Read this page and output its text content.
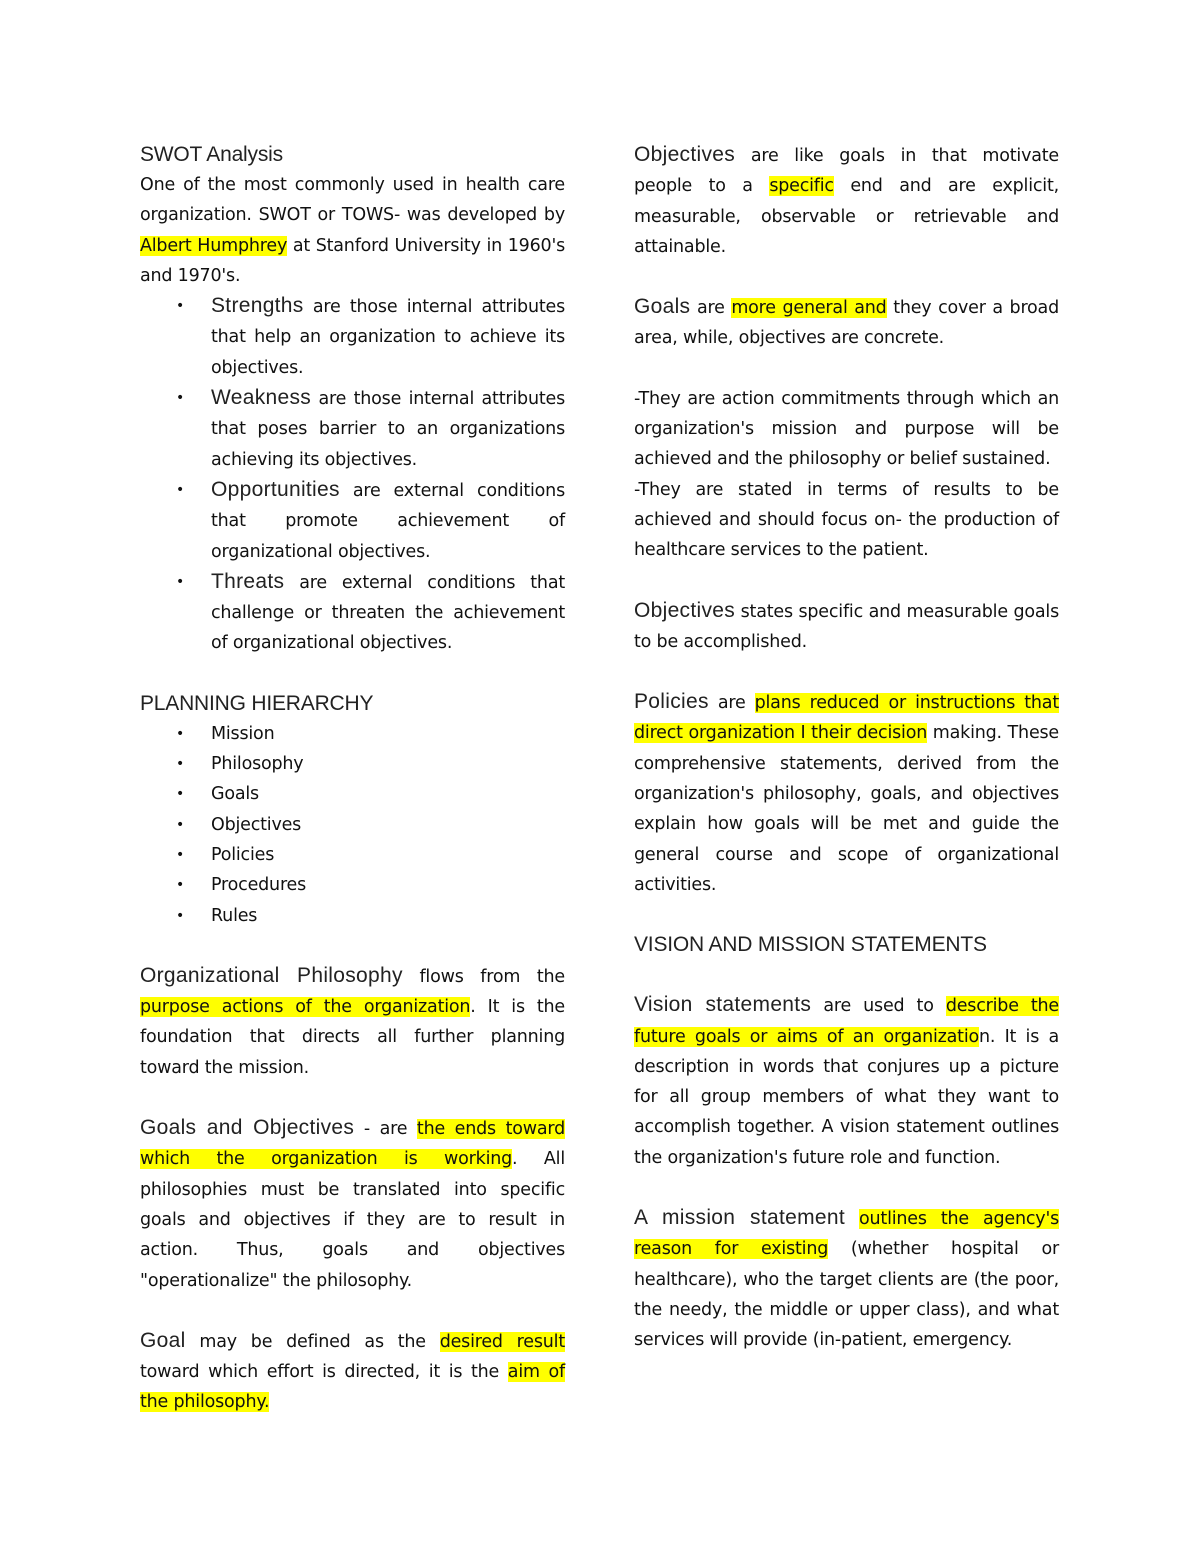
SWOT Analysis

One of the most commonly used in health care organization. SWOT or TOWS- was developed by Albert Humphrey at Stanford University in 1960's and 1970's.

• Strengths are those internal attributes that help an organization to achieve its objectives.
• Weakness are those internal attributes that poses barrier to an organizations achieving its objectives.
• Opportunities are external conditions that promote achievement of organizational objectives.
• Threats are external conditions that challenge or threaten the achievement of organizational objectives.

PLANNING HIERARCHY

• Mission
• Philosophy
• Goals
• Objectives
• Policies
• Procedures
• Rules

Organizational Philosophy flows from the purpose actions of the organization. It is the foundation that directs all further planning toward the mission.

Goals and Objectives - are the ends toward which the organization is working. All philosophies must be translated into specific goals and objectives if they are to result in action. Thus, goals and objectives "operationalize" the philosophy.

Goal may be defined as the desired result toward which effort is directed, it is the aim of the philosophy.

Objectives are like goals in that motivate people to a specific end and are explicit, measurable, observable or retrievable and attainable.

Goals are more general and they cover a broad area, while, objectives are concrete.

-They are action commitments through which an organization's mission and purpose will be achieved and the philosophy or belief sustained.

-They are stated in terms of results to be achieved and should focus on- the production of healthcare services to the patient.

Objectives states specific and measurable goals to be accomplished.

Policies are plans reduced or instructions that direct organization I their decision making. These comprehensive statements, derived from the organization's philosophy, goals, and objectives explain how goals will be met and guide the general course and scope of organizational activities.

VISION AND MISSION STATEMENTS

Vision statements are used to describe the future goals or aims of an organization. It is a description in words that conjures up a picture for all group members of what they want to accomplish together. A vision statement outlines the organization's future role and function.

A mission statement outlines the agency's reason for existing (whether hospital or healthcare), who the target clients are (the poor, the needy, the middle or upper class), and what services will provide (in-patient, emergency.
